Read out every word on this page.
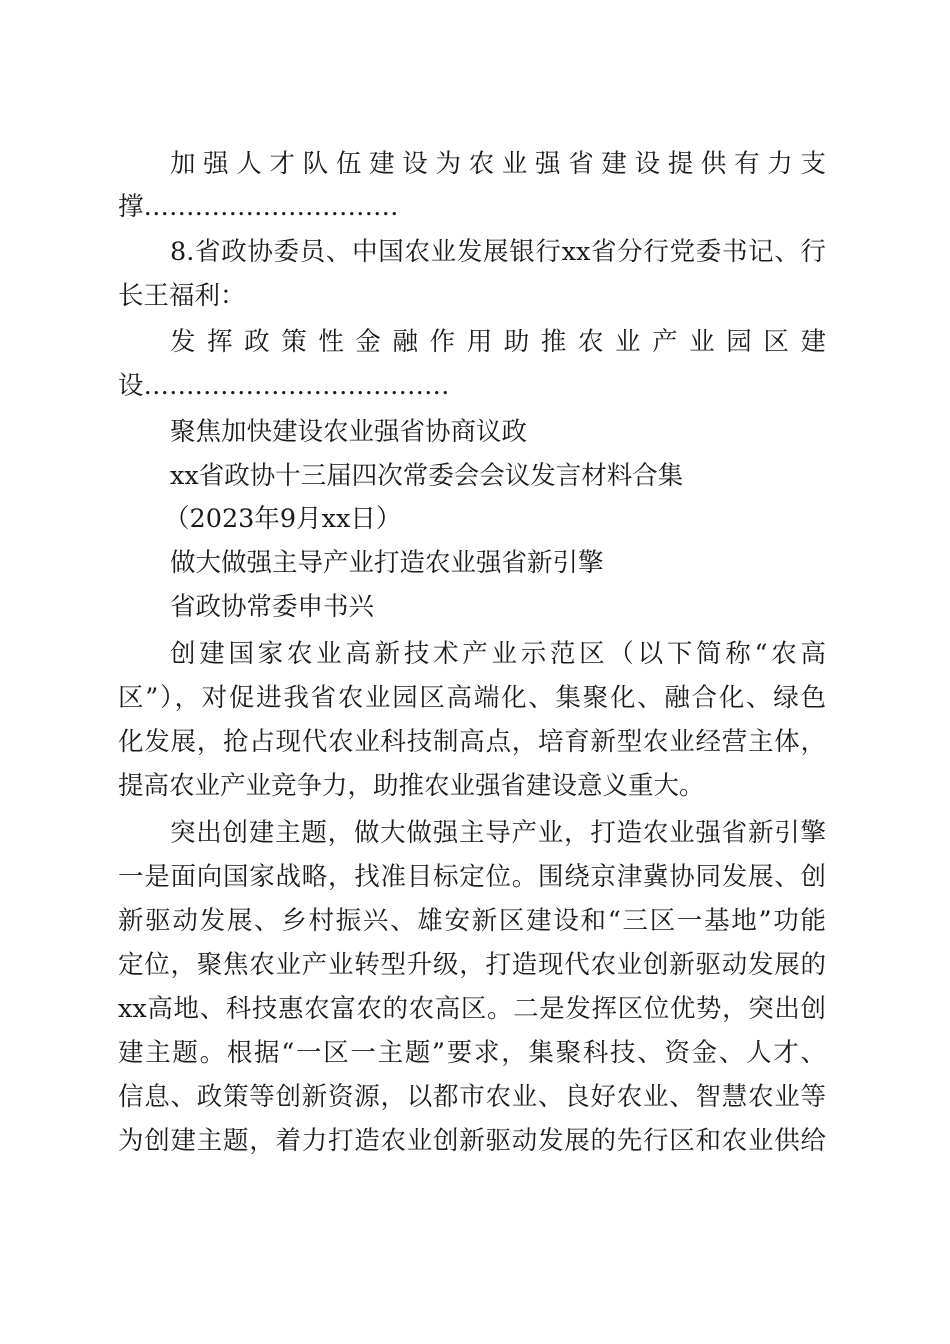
加强人才队伍建设为农业强省建设提供有力支
撑…………………………
8.省政协委员、中国农业发展银行xx省分行党委书记、行
长王福利：
发挥政策性金融作用助推农业产业园区建
设………………………………
聚焦加快建设农业强省协商议政
xx省政协十三届四次常委会会议发言材料合集
（2023年9月xx日）
做大做强主导产业打造农业强省新引擎
省政协常委申书兴
创建国家农业高新技术产业示范区（以下简称“农高
区”），对促进我省农业园区高端化、集聚化、融合化、绿色
化发展，抢占现代农业科技制高点，培育新型农业经营主体，
提高农业产业竞争力，助推农业强省建设意义重大。
突出创建主题，做大做强主导产业，打造农业强省新引擎
一是面向国家战略，找准目标定位。围绕京津冀协同发展、创
新驱动发展、乡村振兴、雄安新区建设和“三区一基地”功能
定位，聚焦农业产业转型升级，打造现代农业创新驱动发展的
xx高地、科技惠农富农的农高区。二是发挥区位优势，突出创
建主题。根据“一区一主题”要求，集聚科技、资金、人才、
信息、政策等创新资源，以都市农业、良好农业、智慧农业等
为创建主题，着力打造农业创新驱动发展的先行区和农业供给
